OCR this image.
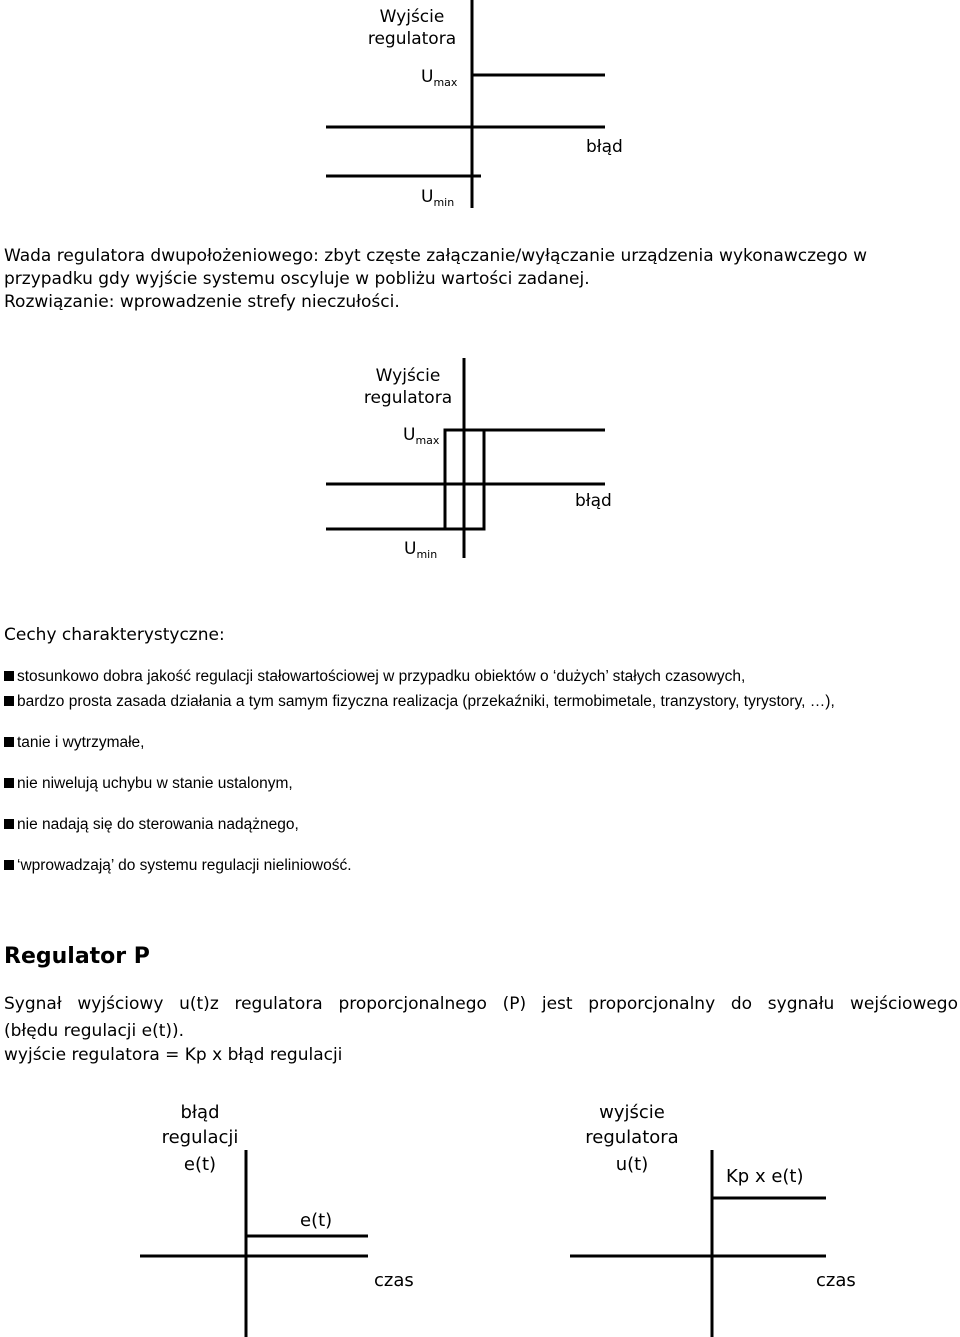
Wyjście
regulatora
$U_{max}$
$U_{min}$
błąd
Wada regulatora dwupołożeniowego: zbyt częste załączanie/wyłączanie urządzenia wykonawczego w
przypadku gdy wyjście systemu oscyluje w pobliżu wartości zadanej.
Rozwiązanie: wprowadzenie strefy nieczułości.
Wyjście
regulatora
$U_{max}$
$U_{min}$
błąd
Cechy charakterystyczne:
stosunkowo dobra jakość regulacji stałowartościowej w przypadku obiektów o ‘dużych’ stałych czasowych,
bardzo prosta zasada działania a tym samym fizyczna realizacja (przekaźniki, termobimetale, tranzystory, tyrystory, …),
tanie i wytrzymałe,
nie niwelują uchybu w stanie ustalonym,
nie nadają się do sterowania nadążnego,
‘wprowadzają’ do systemu regulacji nieliniowość.
Regulator P
Sygnał wyjściowy u(t)z regulatora proporcjonalnego (P) jest proporcjonalny do sygnału wejściowego
(błędu regulacji e(t)).
wyjście regulatora = Kp x błąd regulacji
błąd
regulacji
e(t)
e(t)
czas
wyjście
regulatora
u(t)
Kp x e(t)
czas
